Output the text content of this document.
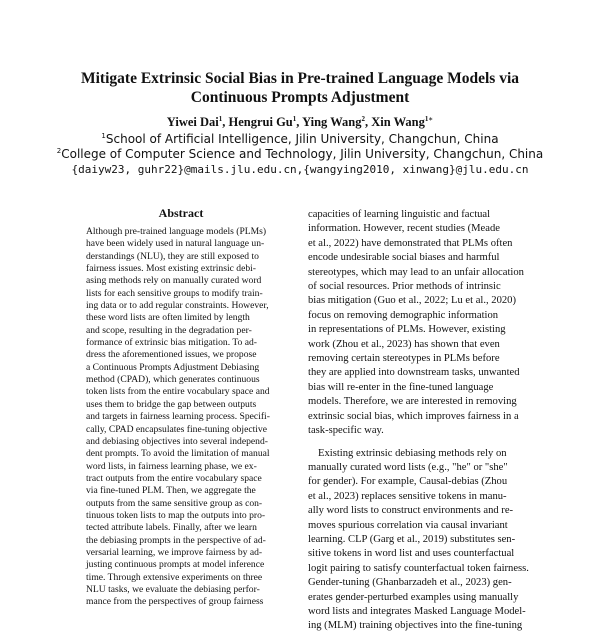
Mitigate Extrinsic Social Bias in Pre-trained Language Models via
Continuous Prompts Adjustment
Yiwei Dai$^1$, Hengrui Gu$^1$, Ying Wang$^2$, Xin Wang$^{1∗}$
$^1$School of Artificial Intelligence, Jilin University, Changchun, China
$^2$College of Computer Science and Technology, Jilin University, Changchun, China
{daiyw23, guhr22}@mails.jlu.edu.cn,{wangying2010, xinwang}@jlu.edu.cn
Abstract
Although pre-trained language models (PLMs)
have been widely used in natural language un-
derstandings (NLU), they are still exposed to
fairness issues. Most existing extrinsic debi-
asing methods rely on manually curated word
lists for each sensitive groups to modify train-
ing data or to add regular constraints. However,
these word lists are often limited by length
and scope, resulting in the degradation per-
formance of extrinsic bias mitigation. To ad-
dress the aforementioned issues, we propose
a Continuous Prompts Adjustment Debiasing
method (CPAD), which generates continuous
token lists from the entire vocabulary space and
uses them to bridge the gap between outputs
and targets in fairness learning process. Specifi-
cally, CPAD encapsulates fine-tuning objective
and debiasing objectives into several independ-
dent prompts. To avoid the limitation of manual
word lists, in fairness learning phase, we ex-
tract outputs from the entire vocabulary space
via fine-tuned PLM. Then, we aggregate the
outputs from the same sensitive group as con-
tinuous token lists to map the outputs into pro-
tected attribute labels. Finally, after we learn
the debiasing prompts in the perspective of ad-
versarial learning, we improve fairness by ad-
justing continuous prompts at model inference
time. Through extensive experiments on three
NLU tasks, we evaluate the debiasing perfor-
mance from the perspectives of group fairness
capacities of learning linguistic and factual
information. However, recent studies (Meade
et al., 2022) have demonstrated that PLMs often
encode undesirable social biases and harmful
stereotypes, which may lead to an unfair allocation
of social resources. Prior methods of intrinsic
bias mitigation (Guo et al., 2022; Lu et al., 2020)
focus on removing demographic information
in representations of PLMs. However, existing
work (Zhou et al., 2023) has shown that even
removing certain stereotypes in PLMs before
they are applied into downstream tasks, unwanted
bias will re-enter in the fine-tuned language
models. Therefore, we are interested in removing
extrinsic social bias, which improves fairness in a
task-specific way.
Existing extrinsic debiasing methods rely on
manually curated word lists (e.g., "he" or "she"
for gender). For example, Causal-debias (Zhou
et al., 2023) replaces sensitive tokens in manu-
ally word lists to construct environments and re-
moves spurious correlation via causal invariant
learning. CLP (Garg et al., 2019) substitutes sen-
sitive tokens in word list and uses counterfactual
logit pairing to satisfy counterfactual token fairness.
Gender-tuning (Ghanbarzadeh et al., 2023) gen-
erates gender-perturbed examples using manually
word lists and integrates Masked Language Model-
ing (MLM) training objectives into the fine-tuning
